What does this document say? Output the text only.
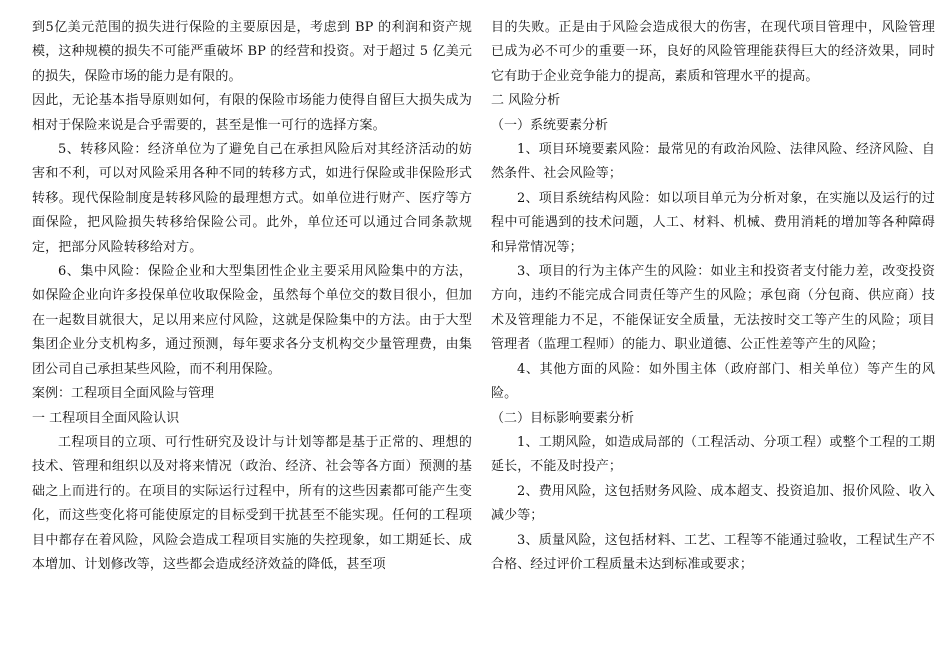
到5亿美元范围的损失进行保险的主要原因是，考虑到 BP 的利润和资产规模，这种规模的损失不可能严重破坏 BP 的经营和投资。对于超过 5 亿美元的损失，保险市场的能力是有限的。

因此，无论基本指导原则如何，有限的保险市场能力使得自留巨大损失成为相对于保险来说是合乎需要的，甚至是惟一可行的选择方案。

5、转移风险：经济单位为了避免自己在承担风险后对其经济活动的妨害和不利，可以对风险采用各种不同的转移方式，如进行保险或非保险形式转移。现代保险制度是转移风险的最理想方式。如单位进行财产、医疗等方面保险，把风险损失转移给保险公司。此外，单位还可以通过合同条款规定，把部分风险转移给对方。

6、集中风险：保险企业和大型集团性企业主要采用风险集中的方法，如保险企业向许多投保单位收取保险金，虽然每个单位交的数目很小，但加在一起数目就很大，足以用来应付风险，这就是保险集中的方法。由于大型集团企业分支机构多，通过预测，每年要求各分支机构交少量管理费，由集团公司自己承担某些风险，而不利用保险。

案例：工程项目全面风险与管理

一 工程项目全面风险认识

工程项目的立项、可行性研究及设计与计划等都是基于正常的、理想的技术、管理和组织以及对将来情况（政治、经济、社会等各方面）预测的基础之上而进行的。在项目的实际运行过程中，所有的这些因素都可能产生变化，而这些变化将可能使原定的目标受到干扰甚至不能实现。任何的工程项目中都存在着风险，风险会造成工程项目实施的失控现象，如工期延长、成本增加、计划修改等，这些都会造成经济效益的降低，甚至项

目的失败。正是由于风险会造成很大的伤害，在现代项目管理中，风险管理已成为必不可少的重要一环，良好的风险管理能获得巨大的经济效果，同时它有助于企业竞争能力的提高，素质和管理水平的提高。

二 风险分析

（一）系统要素分析

1、项目环境要素风险：最常见的有政治风险、法律风险、经济风险、自然条件、社会风险等；

2、项目系统结构风险：如以项目单元为分析对象，在实施以及运行的过程中可能遇到的技术问题，人工、材料、机械、费用消耗的增加等各种障碍和异常情况等；

3、项目的行为主体产生的风险：如业主和投资者支付能力差，改变投资方向，违约不能完成合同责任等产生的风险；承包商（分包商、供应商）技术及管理能力不足，不能保证安全质量，无法按时交工等产生的风险；项目管理者（监理工程师）的能力、职业道德、公正性差等产生的风险；

4、其他方面的风险：如外围主体（政府部门、相关单位）等产生的风险。

（二）目标影响要素分析

1、工期风险，如造成局部的（工程活动、分项工程）或整个工程的工期延长，不能及时投产；

2、费用风险，这包括财务风险、成本超支、投资追加、报价风险、收入减少等；

3、质量风险，这包括材料、工艺、工程等不能通过验收，工程试生产不合格、经过评价工程质量未达到标准或要求；
